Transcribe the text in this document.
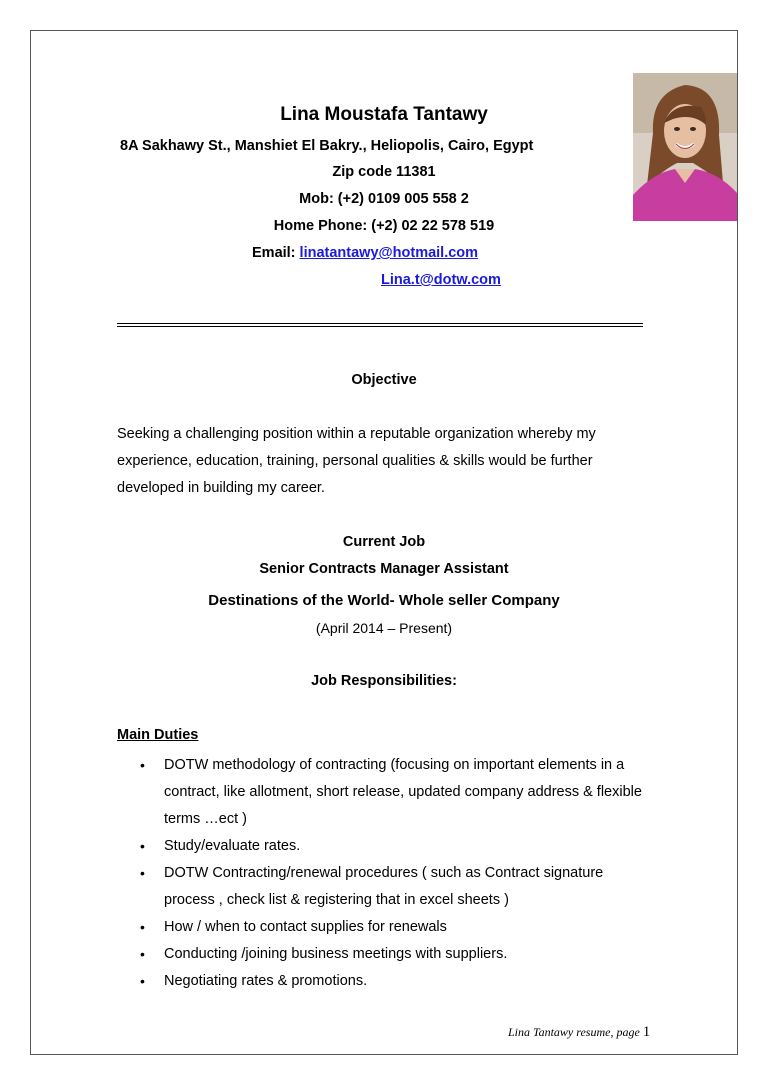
Lina Moustafa Tantawy
8A Sakhawy St., Manshiet El Bakry., Heliopolis, Cairo, Egypt
Zip code 11381
Mob: (+2) 0109 005 558 2
Home Phone: (+2) 02 22 578 519
Email: linatantawy@hotmail.com
Lina.t@dotw.com
Objective
Seeking a challenging position within a reputable organization whereby my
experience, education, training, personal qualities & skills would be further
developed in building my career.
Current Job
Senior Contracts Manager Assistant
Destinations of the World- Whole seller Company
(April 2014 – Present)
Job Responsibilities:
Main Duties
• DOTW methodology of contracting (focusing on important elements in a contract, like allotment, short release, updated company address & flexible terms …ect )
• Study/evaluate rates.
• DOTW Contracting/renewal procedures ( such as Contract signature process , check list & registering that in excel sheets )
• How / when to contact supplies for renewals
• Conducting /joining business meetings with suppliers.
• Negotiating rates & promotions.
Lina Tantawy resume, page 1
